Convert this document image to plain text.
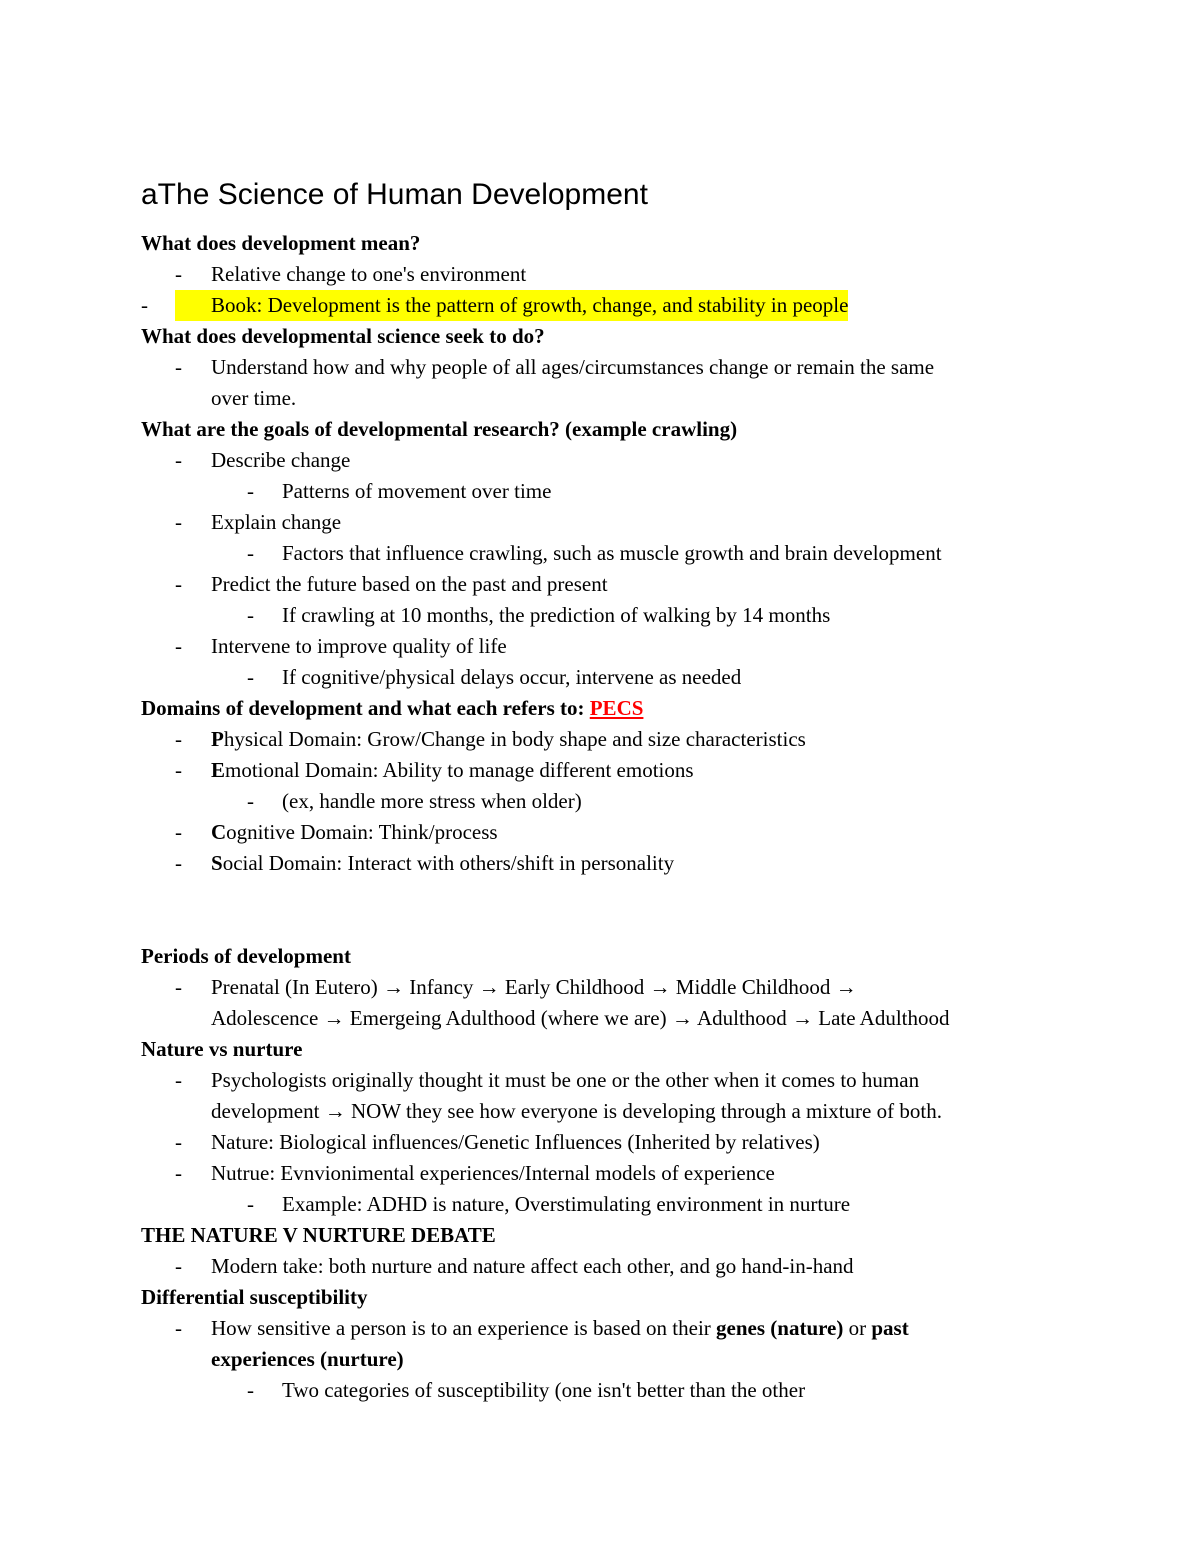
aThe Science of Human Development
What does development mean?
- Relative change to one's environment
-	Book: Development is the pattern of growth, change, and stability in people
What does developmental science seek to do?
- Understand how and why people of all ages/circumstances change or remain the same
over time.
What are the goals of developmental research? (example crawling)
- Describe change
- Patterns of movement over time
- Explain change
- Factors that influence crawling, such as muscle growth and brain development
- Predict the future based on the past and present
- If crawling at 10 months, the prediction of walking by 14 months
- Intervene to improve quality of life
- If cognitive/physical delays occur, intervene as needed
Domains of development and what each refers to: PECS
- Physical Domain: Grow/Change in body shape and size characteristics
- Emotional Domain: Ability to manage different emotions
- (ex, handle more stress when older)
- Cognitive Domain: Think/process
- Social Domain: Interact with others/shift in personality
Periods of development
- Prenatal (In Eutero) → Infancy → Early Childhood → Middle Childhood →
Adolescence → Emergeing Adulthood (where we are) → Adulthood → Late Adulthood
Nature vs nurture
- Psychologists originally thought it must be one or the other when it comes to human
development → NOW they see how everyone is developing through a mixture of both.
- Nature: Biological influences/Genetic Influences (Inherited by relatives)
- Nutrue: Evnvionimental experiences/Internal models of experience
- Example: ADHD is nature, Overstimulating environment in nurture
THE NATURE V NURTURE DEBATE
- Modern take: both nurture and nature affect each other, and go hand-in-hand
Differential susceptibility
- How sensitive a person is to an experience is based on their genes (nature) or past
experiences (nurture)
- Two categories of susceptibility (one isn't better than the other
